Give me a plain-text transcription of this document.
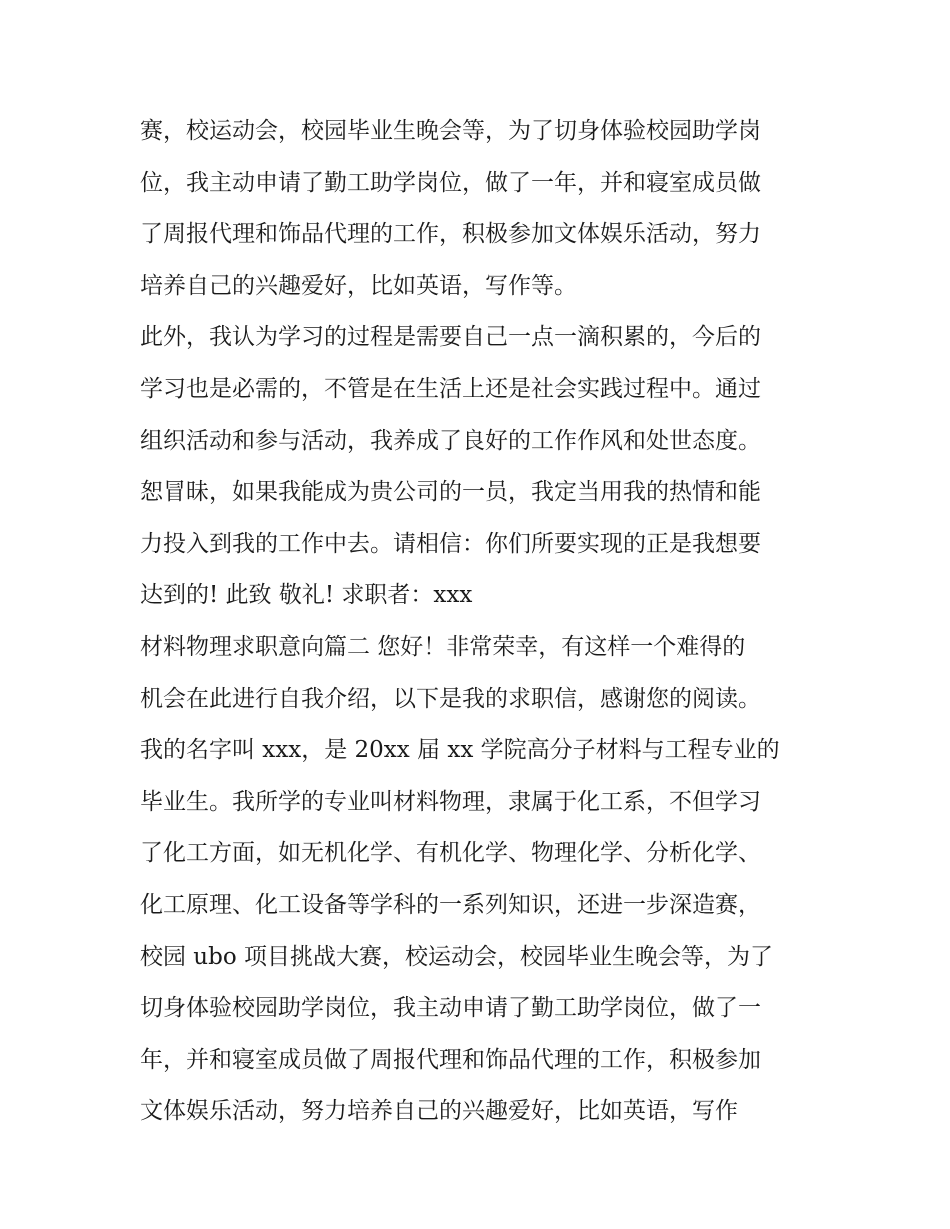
赛，校运动会，校园毕业生晚会等，为了切身体验校园助学岗

位，我主动申请了勤工助学岗位，做了一年，并和寝室成员做

了周报代理和饰品代理的工作，积极参加文体娱乐活动，努力

培养自己的兴趣爱好，比如英语，写作等。

此外，我认为学习的过程是需要自己一点一滴积累的，今后的

学习也是必需的，不管是在生活上还是社会实践过程中。通过

组织活动和参与活动，我养成了良好的工作作风和处世态度。

恕冒昧，如果我能成为贵公司的一员，我定当用我的热情和能

力投入到我的工作中去。请相信：你们所要实现的正是我想要

达到的! 此致 敬礼! 求职者：xxx

材料物理求职意向篇二 您好！非常荣幸，有这样一个难得的

机会在此进行自我介绍，以下是我的求职信，感谢您的阅读。

我的名字叫 xxx，是 20xx 届 xx 学院高分子材料与工程专业的

毕业生。我所学的专业叫材料物理，隶属于化工系，不但学习

了化工方面，如无机化学、有机化学、物理化学、分析化学、

化工原理、化工设备等学科的一系列知识，还进一步深造赛，

校园 ubo 项目挑战大赛，校运动会，校园毕业生晚会等，为了

切身体验校园助学岗位，我主动申请了勤工助学岗位，做了一

年，并和寝室成员做了周报代理和饰品代理的工作，积极参加

文体娱乐活动，努力培养自己的兴趣爱好，比如英语，写作
